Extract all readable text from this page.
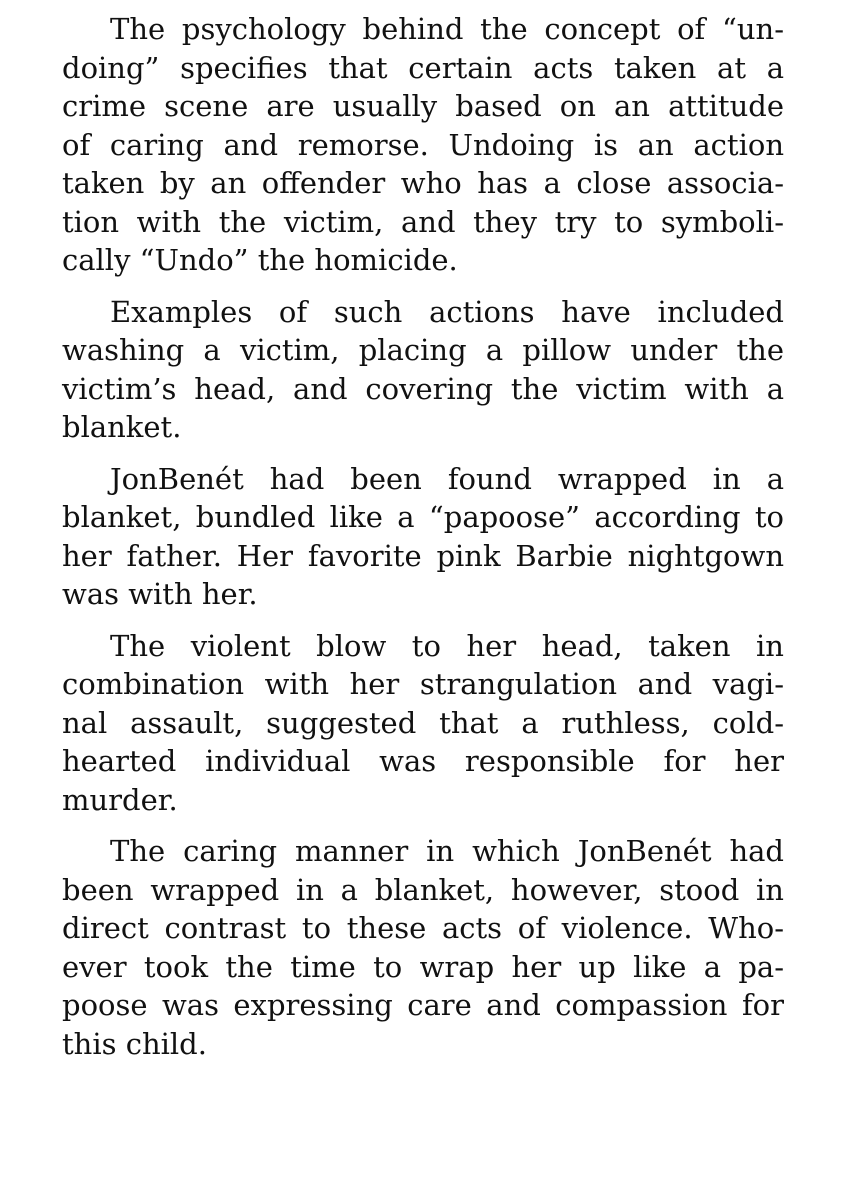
The psychology behind the concept of “un-
doing” specifies that certain acts taken at a
crime scene are usually based on an attitude
of caring and remorse. Undoing is an action
taken by an offender who has a close associa-
tion with the victim, and they try to symboli-
cally “Undo” the homicide.
Examples of such actions have included
washing a victim, placing a pillow under the
victim’s head, and covering the victim with a
blanket.
JonBenét had been found wrapped in a
blanket, bundled like a “papoose” according to
her father. Her favorite pink Barbie nightgown
was with her.
The violent blow to her head, taken in
combination with her strangulation and vagi-
nal assault, suggested that a ruthless, cold-
hearted individual was responsible for her
murder.
The caring manner in which JonBenét had
been wrapped in a blanket, however, stood in
direct contrast to these acts of violence. Who-
ever took the time to wrap her up like a pa-
poose was expressing care and compassion for
this child.
